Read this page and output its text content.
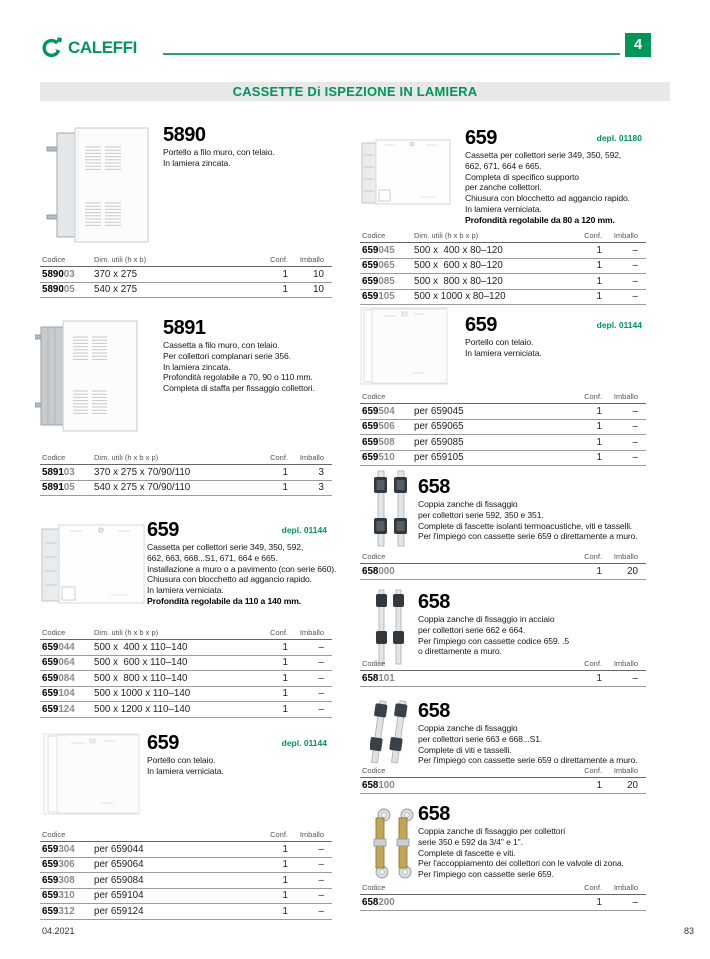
CALEFFI	4
CASSETTE Di ISPEZIONE IN LAMIERA
5890
Portello a filo muro, con telaio.
In lamiera zincata.
Codice	Dim. utili (h x b)	Conf.	Imballo
589003	370 x 275	1	10
589005	540 x 275	1	10
5891
Cassetta a filo muro, con telaio.
Per collettori complanari serie 356.
In lamiera zincata.
Profondità regolabile a 70, 90 o 110 mm.
Completa di staffa per fissaggio collettori.
Codice	Dim. utili (h x b x p)	Conf.	Imballo
589103	370 x 275 x 70/90/110	1	3
589105	540 x 275 x 70/90/110	1	3
659
Cassetta per collettori serie 349, 350, 592,
662, 663, 668...S1, 671, 664 e 665.
Installazione a muro o a pavimento (con serie 660).
Chiusura con blocchetto ad aggancio rapido.
In lamiera verniciata.
Profondità regolabile da 110 a 140 mm.
depl. 01144
Codice	Dim. utili (h x b x p)	Conf.	Imballo
659044	500 x  400 x 110–140	1	–
659064	500 x  600 x 110–140	1	–
659084	500 x  800 x 110–140	1	–
659104	500 x 1000 x 110–140	1	–
659124	500 x 1200 x 110–140	1	–
659
Portello con telaio.
In lamiera verniciata.
depl. 01144
Codice	Conf.	Imballo
659304	per 659044	1	–
659306	per 659064	1	–
659308	per 659084	1	–
659310	per 659104	1	–
659312	per 659124	1	–
659
Cassetta per collettori serie 349, 350, 592,
662, 671, 664 e 665.
Completa di specifico supporto
per zanche collettori.
Chiusura con blocchetto ad aggancio rapido.
In lamiera verniciata.
Profondità regolabile da 80 a 120 mm.
depl. 01180
Codice	Dim. utili (h x b x p)	Conf.	Imballo
659045	500 x  400 x 80–120	1	–
659065	500 x  600 x 80–120	1	–
659085	500 x  800 x 80–120	1	–
659105	500 x 1000 x 80–120	1	–
659
Portello con telaio.
In lamiera verniciata.
depl. 01144
Codice	Conf.	Imballo
659504	per 659045	1	–
659506	per 659065	1	–
659508	per 659085	1	–
659510	per 659105	1	–
658
Coppia zanche di fissaggio
per collettori serie 592, 350 e 351.
Complete di fascette isolanti termoacustiche, viti e tasselli.
Per l'impiego con cassette serie 659 o direttamente a muro.
Codice	Conf.	Imballo
658000	1	20
658
Coppia zanche di fissaggio in acciaio
per collettori serie 662 e 664.
Per l'impiego con cassette codice 659. .5
o direttamente a muro.
Codice	Conf.	Imballo
658101	1	–
658
Coppia zanche di fissaggio
per collettori serie 663 e 668...S1.
Complete di viti e tasselli.
Per l'impiego con cassette serie 659 o direttamente a muro.
Codice	Conf.	Imballo
658100	1	20
658
Coppia zanche di fissaggio per collettori
serie 350 e 592 da 3/4" e 1".
Complete di fascette e viti.
Per l'accoppiamento dei collettori con le valvole di zona.
Per l'impiego con cassette serie 659.
Codice	Conf.	Imballo
658200	1	–
04.2021	83
